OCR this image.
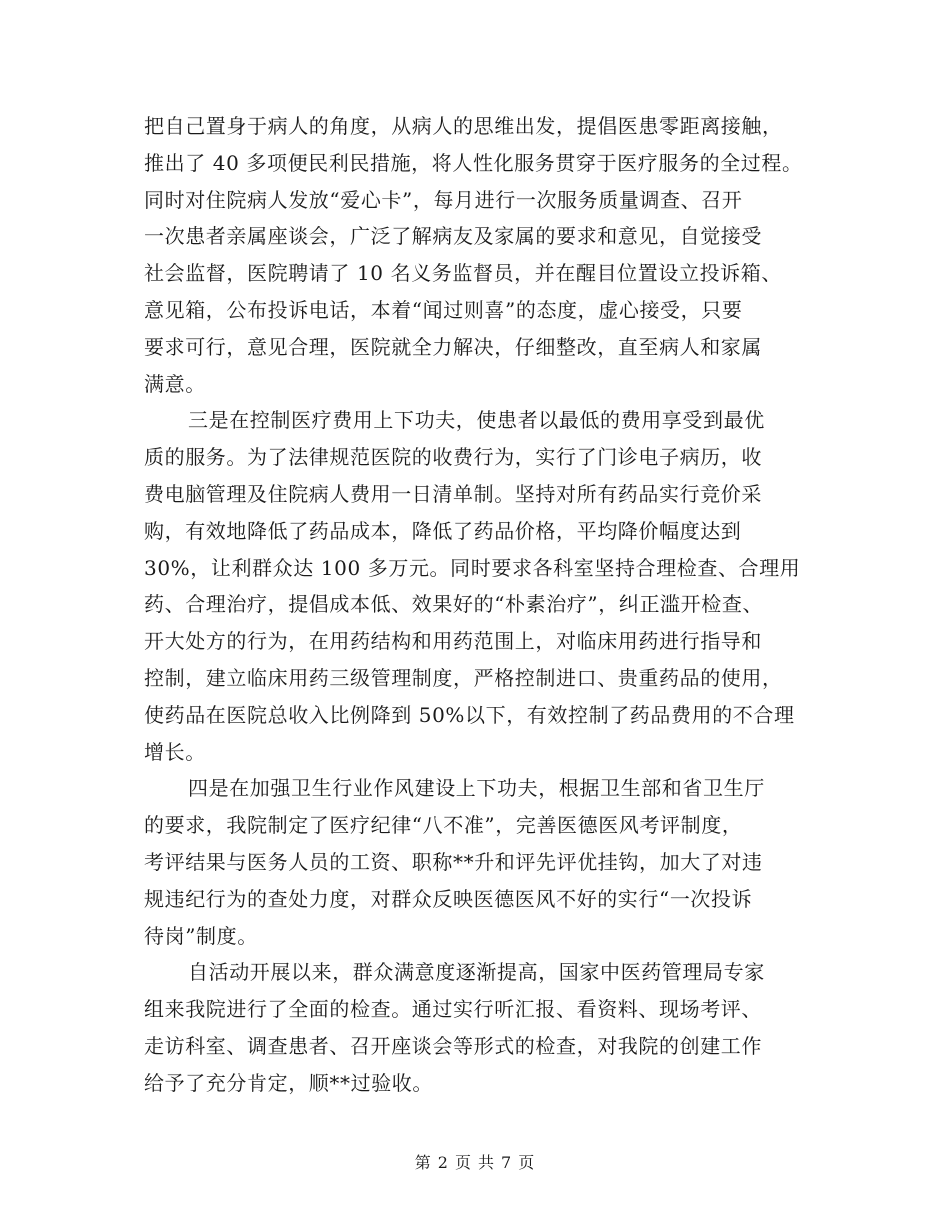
把自己置身于病人的角度，从病人的思维出发，提倡医患零距离接触，
推出了 40 多项便民利民措施，将人性化服务贯穿于医疗服务的全过程。
同时对住院病人发放“爱心卡”，每月进行一次服务质量调查、召开
一次患者亲属座谈会，广泛了解病友及家属的要求和意见，自觉接受
社会监督，医院聘请了 10 名义务监督员，并在醒目位置设立投诉箱、
意见箱，公布投诉电话，本着“闻过则喜”的态度，虚心接受，只要
要求可行，意见合理，医院就全力解决，仔细整改，直至病人和家属
满意。
三是在控制医疗费用上下功夫，使患者以最低的费用享受到最优
质的服务。为了法律规范医院的收费行为，实行了门诊电子病历，收
费电脑管理及住院病人费用一日清单制。坚持对所有药品实行竞价采
购，有效地降低了药品成本，降低了药品价格，平均降价幅度达到
30%，让利群众达 100 多万元。同时要求各科室坚持合理检查、合理用
药、合理治疗，提倡成本低、效果好的“朴素治疗”，纠正滥开检查、
开大处方的行为，在用药结构和用药范围上，对临床用药进行指导和
控制，建立临床用药三级管理制度，严格控制进口、贵重药品的使用，
使药品在医院总收入比例降到 50%以下，有效控制了药品费用的不合理
增长。
四是在加强卫生行业作风建设上下功夫，根据卫生部和省卫生厅
的要求，我院制定了医疗纪律“八不准”，完善医德医风考评制度，
考评结果与医务人员的工资、职称**升和评先评优挂钩，加大了对违
规违纪行为的查处力度，对群众反映医德医风不好的实行“一次投诉
待岗”制度。
自活动开展以来，群众满意度逐渐提高，国家中医药管理局专家
组来我院进行了全面的检查。通过实行听汇报、看资料、现场考评、
走访科室、调查患者、召开座谈会等形式的检查，对我院的创建工作
给予了充分肯定，顺**过验收。
第 2 页 共 7 页
